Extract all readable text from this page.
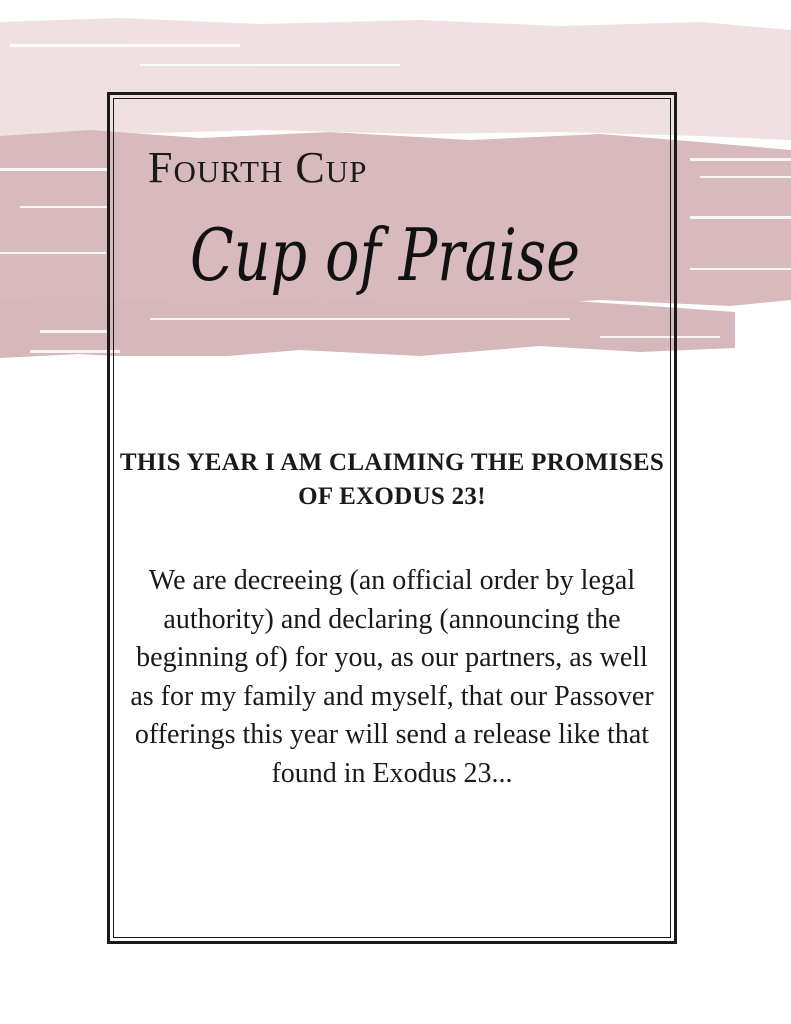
Fourth Cup
Cup of Praise
THIS YEAR I AM CLAIMING THE PROMISES OF EXODUS 23!

We are decreeing (an official order by legal authority) and declaring (announcing the beginning of) for you, as our partners, as well as for my family and myself, that our Passover offerings this year will send a release like that found in Exodus 23...
